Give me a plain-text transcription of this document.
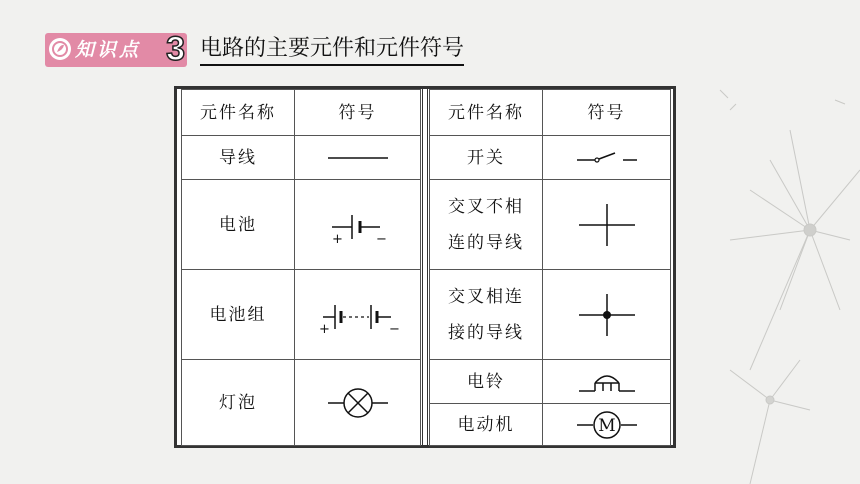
知识点 3 电路的主要元件和元件符号
元件名称	符号
导线	

电池	+ −

电池组	+ −

灯泡	
元件名称	符号
开关	

交叉不相
连的导线

交叉相连
接的导线

电铃	

电动机	M
